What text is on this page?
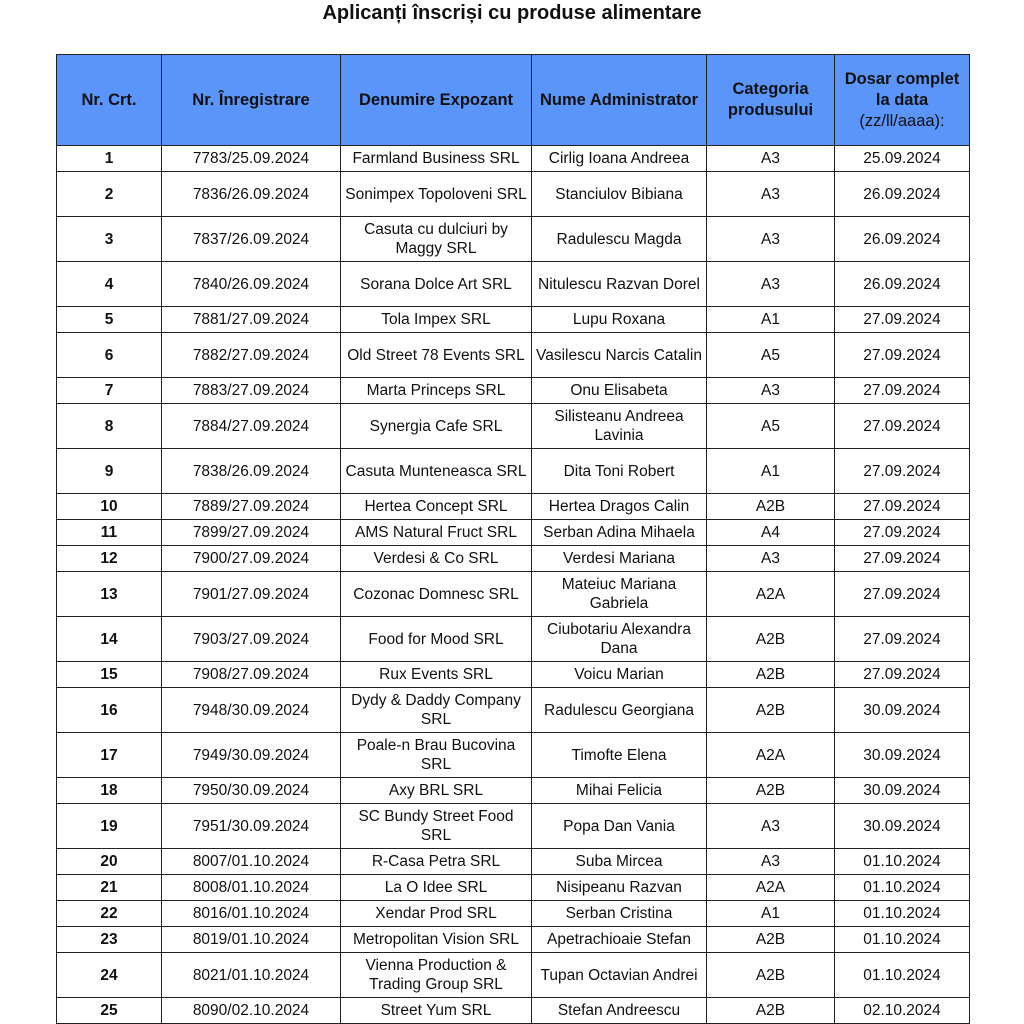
Aplicanți înscriși cu produse alimentare
Nr. Crt.	Nr. Înregistrare	Denumire Expozant	Nume Administrator	Categoria produsului	Dosar complet la data
(zz/ll/aaaa):
1	7783/25.09.2024	Farmland Business SRL	Cirlig Ioana Andreea	A3	25.09.2024
2	7836/26.09.2024	Sonimpex Topoloveni SRL	Stanciulov Bibiana	A3	26.09.2024
3	7837/26.09.2024	Casuta cu dulciuri by Maggy SRL	Radulescu Magda	A3	26.09.2024
4	7840/26.09.2024	Sorana Dolce Art SRL	Nitulescu Razvan Dorel	A3	26.09.2024
5	7881/27.09.2024	Tola Impex SRL	Lupu Roxana	A1	27.09.2024
6	7882/27.09.2024	Old Street 78 Events SRL	Vasilescu Narcis Catalin	A5	27.09.2024
7	7883/27.09.2024	Marta Princeps SRL	Onu Elisabeta	A3	27.09.2024
8	7884/27.09.2024	Synergia Cafe SRL	Silisteanu Andreea Lavinia	A5	27.09.2024
9	7838/26.09.2024	Casuta Munteneasca SRL	Dita Toni Robert	A1	27.09.2024
10	7889/27.09.2024	Hertea Concept SRL	Hertea Dragos Calin	A2B	27.09.2024
11	7899/27.09.2024	AMS Natural Fruct SRL	Serban Adina Mihaela	A4	27.09.2024
12	7900/27.09.2024	Verdesi & Co SRL	Verdesi Mariana	A3	27.09.2024
13	7901/27.09.2024	Cozonac Domnesc SRL	Mateiuc Mariana Gabriela	A2A	27.09.2024
14	7903/27.09.2024	Food for Mood SRL	Ciubotariu Alexandra Dana	A2B	27.09.2024
15	7908/27.09.2024	Rux Events SRL	Voicu Marian	A2B	27.09.2024
16	7948/30.09.2024	Dydy & Daddy Company SRL	Radulescu Georgiana	A2B	30.09.2024
17	7949/30.09.2024	Poale-n Brau Bucovina SRL	Timofte Elena	A2A	30.09.2024
18	7950/30.09.2024	Axy BRL SRL	Mihai Felicia	A2B	30.09.2024
19	7951/30.09.2024	SC Bundy Street Food SRL	Popa Dan Vania	A3	30.09.2024
20	8007/01.10.2024	R-Casa Petra SRL	Suba Mircea	A3	01.10.2024
21	8008/01.10.2024	La O Idee SRL	Nisipeanu Razvan	A2A	01.10.2024
22	8016/01.10.2024	Xendar Prod SRL	Serban Cristina	A1	01.10.2024
23	8019/01.10.2024	Metropolitan Vision SRL	Apetrachioaie Stefan	A2B	01.10.2024
24	8021/01.10.2024	Vienna Production & Trading Group SRL	Tupan Octavian Andrei	A2B	01.10.2024
25	8090/02.10.2024	Street Yum SRL	Stefan Andreescu	A2B	02.10.2024
